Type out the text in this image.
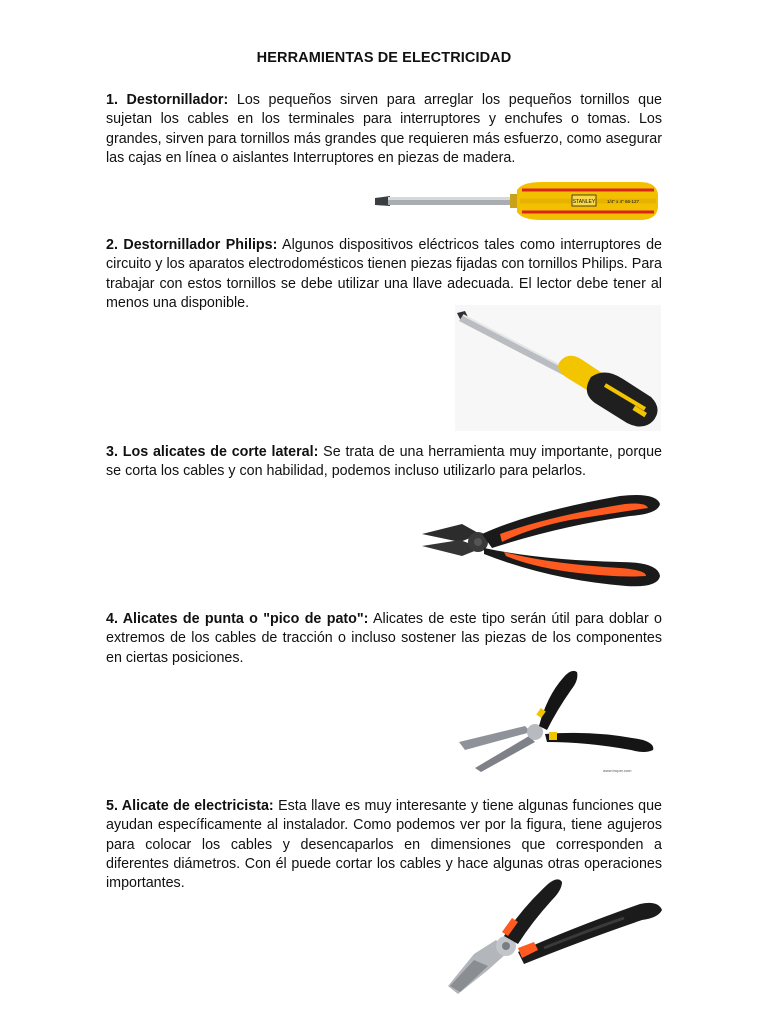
HERRAMIENTAS DE ELECTRICIDAD

1. Destornillador: Los pequeños sirven para arreglar los pequeños tornillos que sujetan los cables en los terminales para interruptores y enchufes o tomas. Los grandes, sirven para tornillos más grandes que requieren más esfuerzo, como asegurar las cajas en línea o aislantes Interruptores en piezas de madera.

STANLEY	1/4" x 4" 66-127

2. Destornillador Philips: Algunos dispositivos eléctricos tales como interruptores de circuito y los aparatos electrodomésticos tienen piezas fijadas con tornillos Philips. Para trabajar con estos tornillos se debe utilizar una llave adecuada. El lector debe tener al menos una disponible.

3. Los alicates de corte lateral: Se trata de una herramienta muy importante, porque se corta los cables y con habilidad, podemos incluso utilizarlo para pelarlos.

4. Alicates de punta o "pico de pato": Alicates de este tipo serán útil para doblar o extremos de los cables de tracción o incluso sostener las piezas de los componentes en ciertas posiciones.

www.truper.com

5. Alicate de electricista: Esta llave es muy interesante y tiene algunas funciones que ayudan específicamente al instalador. Como podemos ver por la figura, tiene agujeros para colocar los cables y desencaparlos en dimensiones que corresponden a diferentes diámetros. Con él puede cortar los cables y hace algunas otras operaciones importantes.
